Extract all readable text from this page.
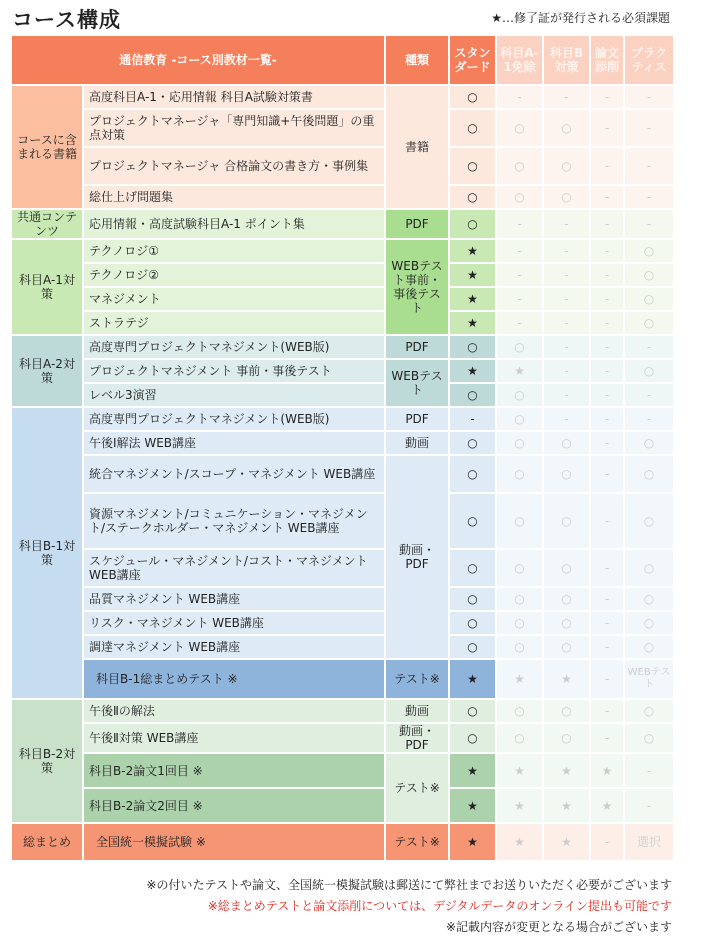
コース構成	★…修了証が発行される必須課題
通信教育 -コース別教材一覧-		種類	スタンダード	科目A-1免除	科目B対策	論文添削	プラクティス
コースに含まれる書籍	高度科目A-1・応用情報 科目A試験対策書	書籍	○	-	-	-	-
	プロジェクトマネージャ「専門知識+午後問題」の重点対策		○	○	○	-	-
	プロジェクトマネージャ 合格論文の書き方・事例集		○	○	○	-	-
	総仕上げ問題集		○	○	○	-	-
共通コンテンツ	応用情報・高度試験科目A-1 ポイント集	PDF	○	-	-	-	-
科目A-1対策	テクノロジ①	WEBテスト事前・事後テスト	★	-	-	-	○
	テクノロジ②		★	-	-	-	○
	マネジメント		★	-	-	-	○
	ストラテジ		★	-	-	-	○
科目A-2対策	高度専門プロジェクトマネジメント(WEB版)	PDF	○	○	-	-	-
	プロジェクトマネジメント 事前・事後テスト	WEBテスト	★	★	-	-	○
	レベル3演習		○	○	-	-	-
科目B-1対策	高度専門プロジェクトマネジメント(WEB版)	PDF	-	○	-	-	-
	午後Ⅰ解法 WEB講座	動画	○	○	○	-	○
	統合マネジメント/スコープ・マネジメント WEB講座	動画・PDF	○	○	○	-	○
	資源マネジメント/コミュニケーション・マネジメント/ステークホルダー・マネジメント WEB講座		○	○	○	-	○
	スケジュール・マネジメント/コスト・マネジメント WEB講座		○	○	○	-	○
	品質マネジメント WEB講座		○	○	○	-	○
	リスク・マネジメント WEB講座		○	○	○	-	○
	調達マネジメント WEB講座		○	○	○	-	○
	科目B-1総まとめテスト ※	テスト※	★	★	★	-	WEBテスト
科目B-2対策	午後Ⅱの解法	動画	○	○	○	-	○
	午後Ⅱ対策 WEB講座	動画・PDF	○	○	○	-	○
	科目B-2論文1回目 ※	テスト※	★	★	★	★	-
	科目B-2論文2回目 ※		★	★	★	★	-
総まとめ	全国統一模擬試験 ※	テスト※	★	★	★	-	選択
※の付いたテストや論文、全国統一模擬試験は郵送にて弊社までお送りいただく必要がございます
※総まとめテストと論文添削については、デジタルデータのオンライン提出も可能です
※記載内容が変更となる場合がございます
